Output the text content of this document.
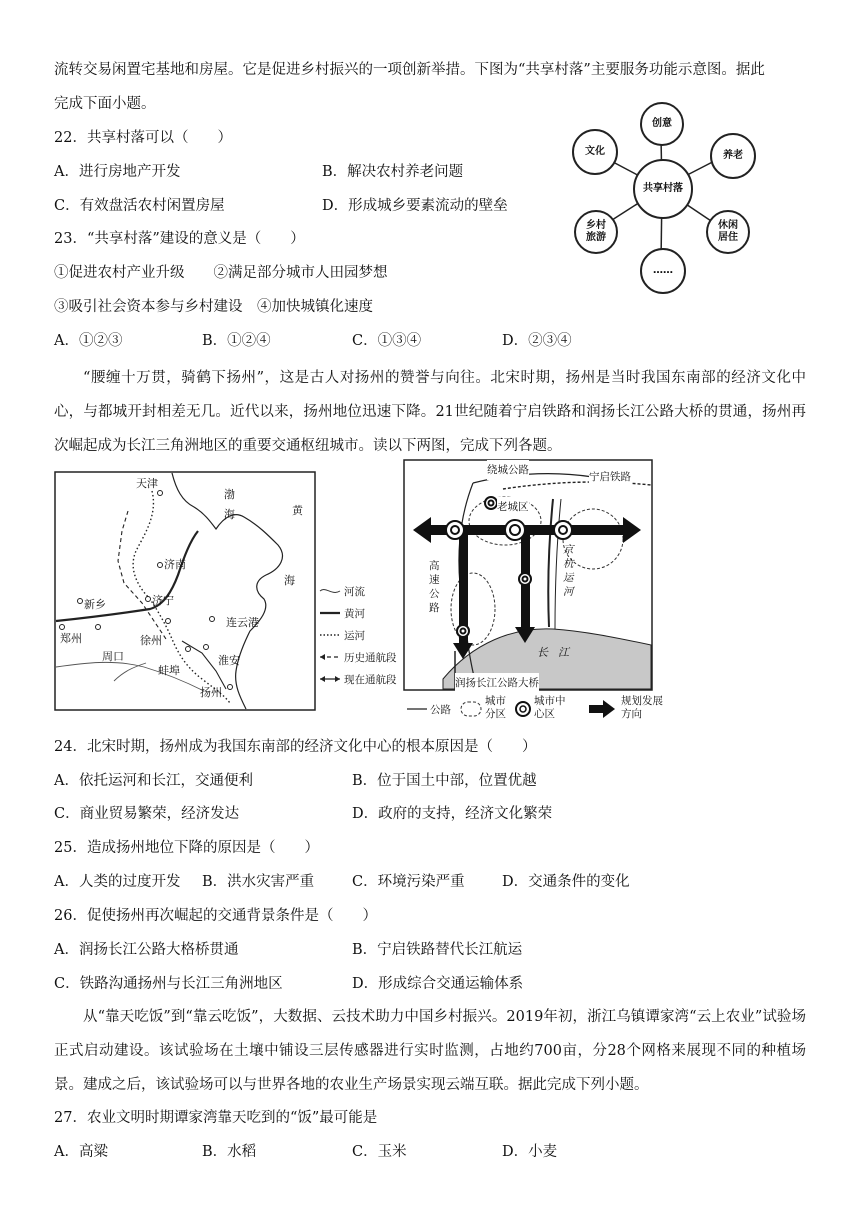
流转交易闲置宅基地和房屋。它是促进乡村振兴的一项创新举措。下图为“共享村落”主要服务功能示意图。据此
完成下面小题。
22．共享村落可以（　　）
A．进行房地产开发	B．解决农村养老问题
C．有效盘活农村闲置房屋	D．形成城乡要素流动的壁垒
23．“共享村落”建设的意义是（　　）
①促进农村产业升级　　②满足部分城市人田园梦想
③吸引社会资本参与乡村建设　④加快城镇化速度
A．①②③	B．①②④	C．①③④	D．②③④
共享村落
创意
文化	养老
乡村旅游
休闲居住
……
“腰缠十万贯，骑鹤下扬州”，这是古人对扬州的赞誉与向往。北宋时期，扬州是当时我国东南部的经济文化中心，与都城开封相差无几。近代以来，扬州地位迅速下降。21世纪随着宁启铁路和润扬长江公路大桥的贯通，扬州再次崛起成为长江三角洲地区的重要交通枢纽城市。读以下两图，完成下列各题。
天津
渤
海	黄
海
济南
新乡	济宁
郑州
周口
徐州
连云港
蚌埠
淮安
扬州
河流
黄河
运河
历史通航段
现在通航段
绕城公路
宁启铁路
老城区
京杭运河
高速公路
长江
润扬长江公路大桥
公路
城市分区
城市中心区
规划发展方向
24．北宋时期，扬州成为我国东南部的经济文化中心的根本原因是（　　）
A．依托运河和长江，交通便利	B．位于国土中部，位置优越
C．商业贸易繁荣，经济发达	D．政府的支持，经济文化繁荣
25．造成扬州地位下降的原因是（　　）
A．人类的过度开发 B．洪水灾害严重	C．环境污染严重	D．交通条件的变化
26．促使扬州再次崛起的交通背景条件是（　　）
A．润扬长江公路大格桥贯通	B．宁启铁路替代长江航运
C．铁路沟通扬州与长江三角洲地区	D．形成综合交通运输体系
从“靠天吃饭”到“靠云吃饭”，大数据、云技术助力中国乡村振兴。2019年初，浙江乌镇谭家湾“云上农业”试验场正式启动建设。该试验场在土壤中铺设三层传感器进行实时监测，占地约700亩，分28个网格来展现不同的种植场景。建成之后，该试验场可以与世界各地的农业生产场景实现云端互联。据此完成下列小题。
27．农业文明时期谭家湾靠天吃到的“饭”最可能是
A．高粱	B．水稻	C．玉米	D．小麦
